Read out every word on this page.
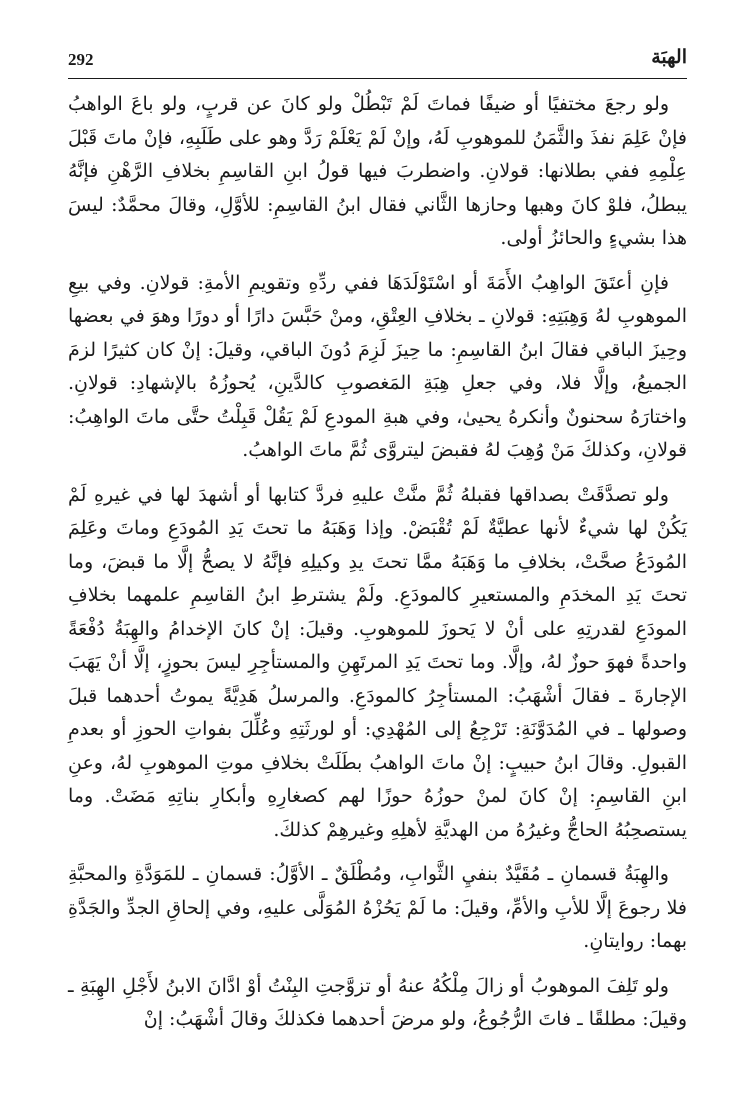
292	الهبَة

ولو رجعَ مختفيًا أو ضيفًا فماتَ لَمْ تَبْطُلْ ولو كانَ عن قربٍ، ولو باعَ الواهبُ فإنْ عَلِمَ نفذَ والثَّمَنُ للموهوبِ لَهُ، وإنْ لَمْ يَعْلَمْ رَدَّ وهو على طَلَبِهِ، فإنْ ماتَ قَبْلَ عِلْمِهِ ففي بطلانها: قولانِ. واضطربَ فيها قولُ ابنِ القاسِمِ بخلافِ الرَّهْنِ فإنَّهُ يبطلُ، فلوْ كانَ وهبها وحازها الثَّاني فقال ابنُ القاسِمِ: للأوَّلِ، وقالَ محمَّدٌ: ليسَ هذا بشيءٍ والحائزُ أولى.

فإنِ أعتَقَ الواهِبُ الأَمَةَ أو اسْتَوْلَدَهَا ففي ردِّهِ وتقويمِ الأمةِ: قولانِ. وفي بيعِ الموهوبِ لهُ وَهِبَتِهِ: قولانِ ـ بخلافِ العِتْقِ، ومنْ حَبَّسَ دارًا أو دورًا وهوَ في بعضها وحِيزَ الباقي فقالَ ابنُ القاسِمِ: ما حِيزَ لَزِمَ دُونَ الباقي، وقيلَ: إنْ كان كثيرًا لزمَ الجميعُ، وإلَّا فلا، وفي جعلِ هِبَةِ المَغصوبِ كالدَّينِ، يُحوزُهُ بالإشهادِ: قولانِ. واختارَهُ سحنونٌ وأنكرهُ يحيىٰ، وفي هبةِ المودعِ لَمْ يَقُلْ قَبِلْتُ حتَّى ماتَ الواهِبُ: قولانِ، وكذلكَ مَنْ وُهِبَ لهُ فقبضَ ليتروَّى ثُمَّ ماتَ الواهبُ.

ولو تصدَّقَتْ بصداقها فقبلهُ ثُمَّ منَّتْ عليهِ فردَّ كتابها أو أشهدَ لها في غيرهِ لَمْ يَكُنْ لها شيءٌ لأنها عطيَّةٌ لَمْ تُقْبَضْ. وإذا وَهَبَهُ ما تحتَ يَدِ المُودَعِ وماتَ وعَلِمَ المُودَعُ صحَّتْ، بخلافِ ما وَهَبَهُ ممَّا تحتَ يدِ وكيلِهِ فإنَّهُ لا يصحُّ إلَّا ما قبضَ، وما تحتَ يَدِ المخدَمِ والمستعيرِ كالمودَعِ. ولَمْ يشترطِ ابنُ القاسِمِ علمهما بخلافِ المودَعِ لقدرتِهِ على أنْ لا يَحوزَ للموهوبِ. وقيلَ: إنْ كانَ الإخدامُ والهِبَةُ دُفْعَةً واحدةً فهوَ حوزٌ لهُ، وإلَّا. وما تحتَ يَدِ المرتَهِنِ والمستأجِرِ ليسَ بحوزٍ، إلَّا أنْ يَهَبَ الإجارةَ ـ فقالَ أشْهَبُ: المستأجِرُ كالمودَعِ. والمرسلُ هَدِيَّةً يموتُ أحدهما قبلَ وصولها ـ في المُدَوَّنَةِ: تَرْجِعُ إلى المُهْدِي: أو لورثَتِهِ وعُلِّلَ بفواتِ الحوزِ أو بعدمِ القبولِ. وقالَ ابنُ حبيبٍ: إنْ ماتَ الواهبُ بطَلَتْ بخلافِ موتِ الموهوبِ لهُ، وعنِ ابنِ القاسِمِ: إنْ كانَ لمنْ حوزُهُ حوزًا لهم كصغارِهِ وأبكارِ بناتِهِ مَضَتْ. وما يستصحِبُهُ الحاجُّ وغيرُهُ من الهديَّةِ لأهلِهِ وغيرهِمْ كذلكَ.

والهِبَةُ قسمانِ ـ مُقَيَّدٌ بنفيِ الثَّوابِ، ومُطْلَقٌ ـ الأوَّلُ: قسمانِ ـ للمَوَدَّةِ والمحبَّةِ فلا رجوعَ إلَّا للأبِ والأمِّ، وقيلَ: ما لَمْ يَحُزْهُ المُوَلَّى عليهِ، وفي إلحاقِ الجدِّ والجَدَّةِ بهما: روايتانِ.

ولو تَلِفَ الموهوبُ أو زالَ مِلْكُهُ عنهُ أو تزوَّجتِ البِنْتُ أوْ ادَّانَ الابنُ لأَجْلِ الهِبَةِ ـ وقيلَ: مطلقًا ـ فاتَ الرُّجُوعُ، ولو مرضَ أحدهما فكذلكَ وقالَ أشْهَبُ: إنْ
